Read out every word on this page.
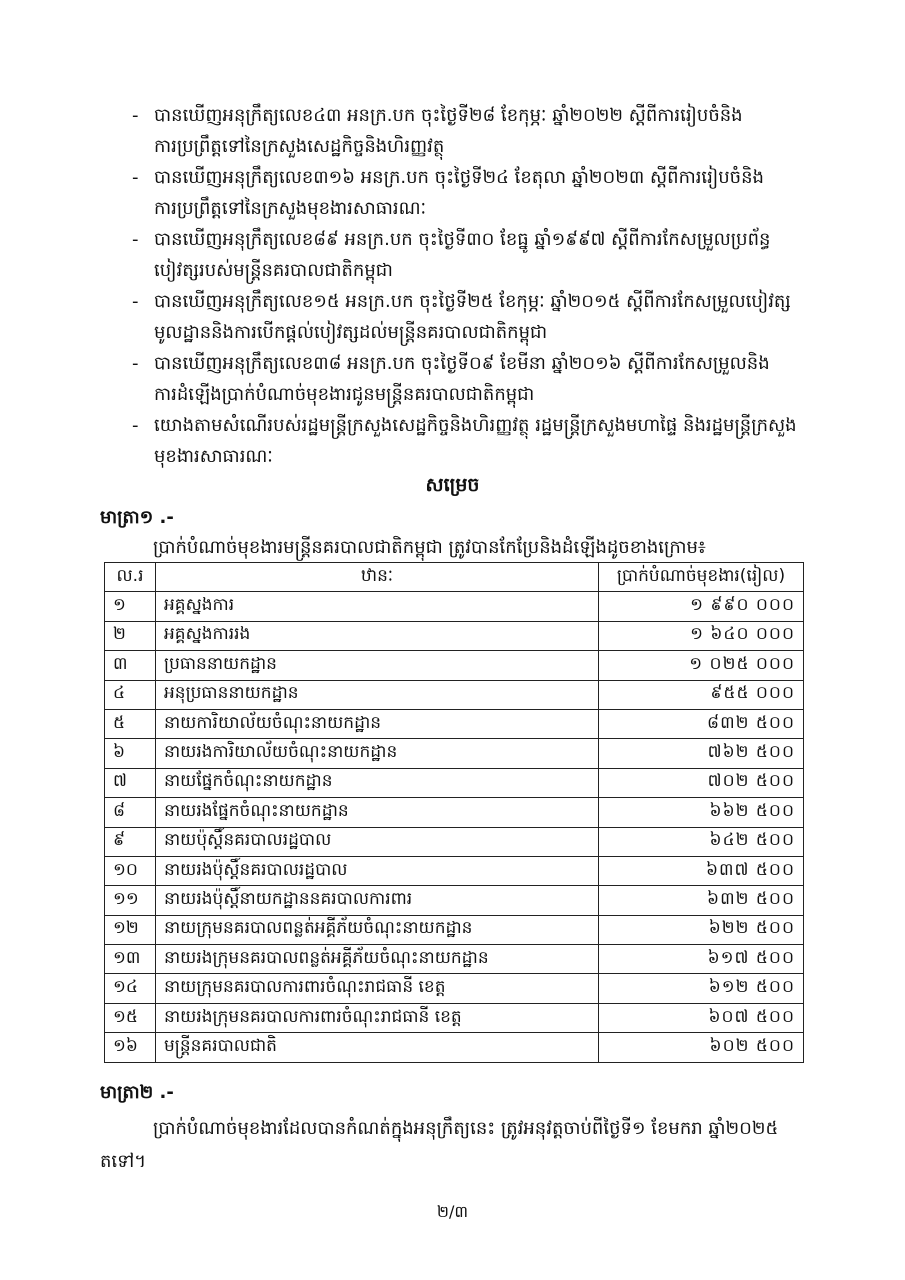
- បានឃើញអនុក្រឹត្យលេខ៤៣ អនក្រ.បក ចុះថ្ងៃទី២៨ ខែកុម្ភៈ ឆ្នាំ២០២២ ស្ដីពីការរៀបចំនិង
ការប្រព្រឹត្តទៅនៃក្រសួងសេដ្ឋកិច្ចនិងហិរញ្ញវត្ថុ
- បានឃើញអនុក្រឹត្យលេខ៣១៦ អនក្រ.បក ចុះថ្ងៃទី២៤ ខែតុលា ឆ្នាំ២០២៣ ស្ដីពីការរៀបចំនិង
ការប្រព្រឹត្តទៅនៃក្រសួងមុខងារសាធារណៈ
- បានឃើញអនុក្រឹត្យលេខ៨៩ អនក្រ.បក ចុះថ្ងៃទី៣០ ខែធ្នូ ឆ្នាំ១៩៩៧ ស្ដីពីការកែសម្រួលប្រព័ន្ធ
បៀវត្សរបស់មន្ត្រីនគរបាលជាតិកម្ពុជា
- បានឃើញអនុក្រឹត្យលេខ១៥ អនក្រ.បក ចុះថ្ងៃទី២៥ ខែកុម្ភៈ ឆ្នាំ២០១៥ ស្ដីពីការកែសម្រួលបៀវត្ស
មូលដ្ឋាននិងការបើកផ្ដល់បៀវត្សដល់មន្ត្រីនគរបាលជាតិកម្ពុជា
- បានឃើញអនុក្រឹត្យលេខ៣៨ អនក្រ.បក ចុះថ្ងៃទី០៩ ខែមីនា ឆ្នាំ២០១៦ ស្ដីពីការកែសម្រួលនិង
ការដំឡើងប្រាក់បំណាច់មុខងារជូនមន្ត្រីនគរបាលជាតិកម្ពុជា
- យោងតាមសំណើរបស់រដ្ឋមន្ត្រីក្រសួងសេដ្ឋកិច្ចនិងហិរញ្ញវត្ថុ រដ្ឋមន្ត្រីក្រសួងមហាផ្ទៃ និងរដ្ឋមន្ត្រីក្រសួង
មុខងារសាធារណៈ
សម្រេច
មាត្រា១ .-
ប្រាក់បំណាច់មុខងារមន្ត្រីនគរបាលជាតិកម្ពុជា ត្រូវបានកែប្រែនិងដំឡើងដូចខាងក្រោម៖
ល.រ	ឋានៈ	ប្រាក់បំណាច់មុខងារ(រៀល)
១	អគ្គស្នងការ	១ ៩៩០ ០០០
២	អគ្គស្នងការរង	១ ៦៤០ ០០០
៣	ប្រធាននាយកដ្ឋាន	១ ០២៥ ០០០
៤	អនុប្រធាននាយកដ្ឋាន	៩៥៥ ០០០
៥	នាយការិយាល័យចំណុះនាយកដ្ឋាន	៨៣២ ៥០០
៦	នាយរងការិយាល័យចំណុះនាយកដ្ឋាន	៧៦២ ៥០០
៧	នាយផ្នែកចំណុះនាយកដ្ឋាន	៧០២ ៥០០
៨	នាយរងផ្នែកចំណុះនាយកដ្ឋាន	៦៦២ ៥០០
៩	នាយប៉ុស្ដិ៍នគរបាលរដ្ឋបាល	៦៤២ ៥០០
១០	នាយរងប៉ុស្ដិ៍នគរបាលរដ្ឋបាល	៦៣៧ ៥០០
១១	នាយរងប៉ុស្ដិ៍នាយកដ្ឋាននគរបាលការពារ	៦៣២ ៥០០
១២	នាយក្រុមនគរបាលពន្លត់អគ្គីភ័យចំណុះនាយកដ្ឋាន	៦២២ ៥០០
១៣	នាយរងក្រុមនគរបាលពន្លត់អគ្គីភ័យចំណុះនាយកដ្ឋាន	៦១៧ ៥០០
១៤	នាយក្រុមនគរបាលការពារចំណុះរាជធានី ខេត្ត	៦១២ ៥០០
១៥	នាយរងក្រុមនគរបាលការពារចំណុះរាជធានី ខេត្ត	៦០៧ ៥០០
១៦	មន្ត្រីនគរបាលជាតិ	៦០២ ៥០០
មាត្រា២ .-
ប្រាក់បំណាច់មុខងារដែលបានកំណត់ក្នុងអនុក្រឹត្យនេះ ត្រូវអនុវត្តចាប់ពីថ្ងៃទី១ ខែមករា ឆ្នាំ២០២៥ តទៅ។
២/៣
